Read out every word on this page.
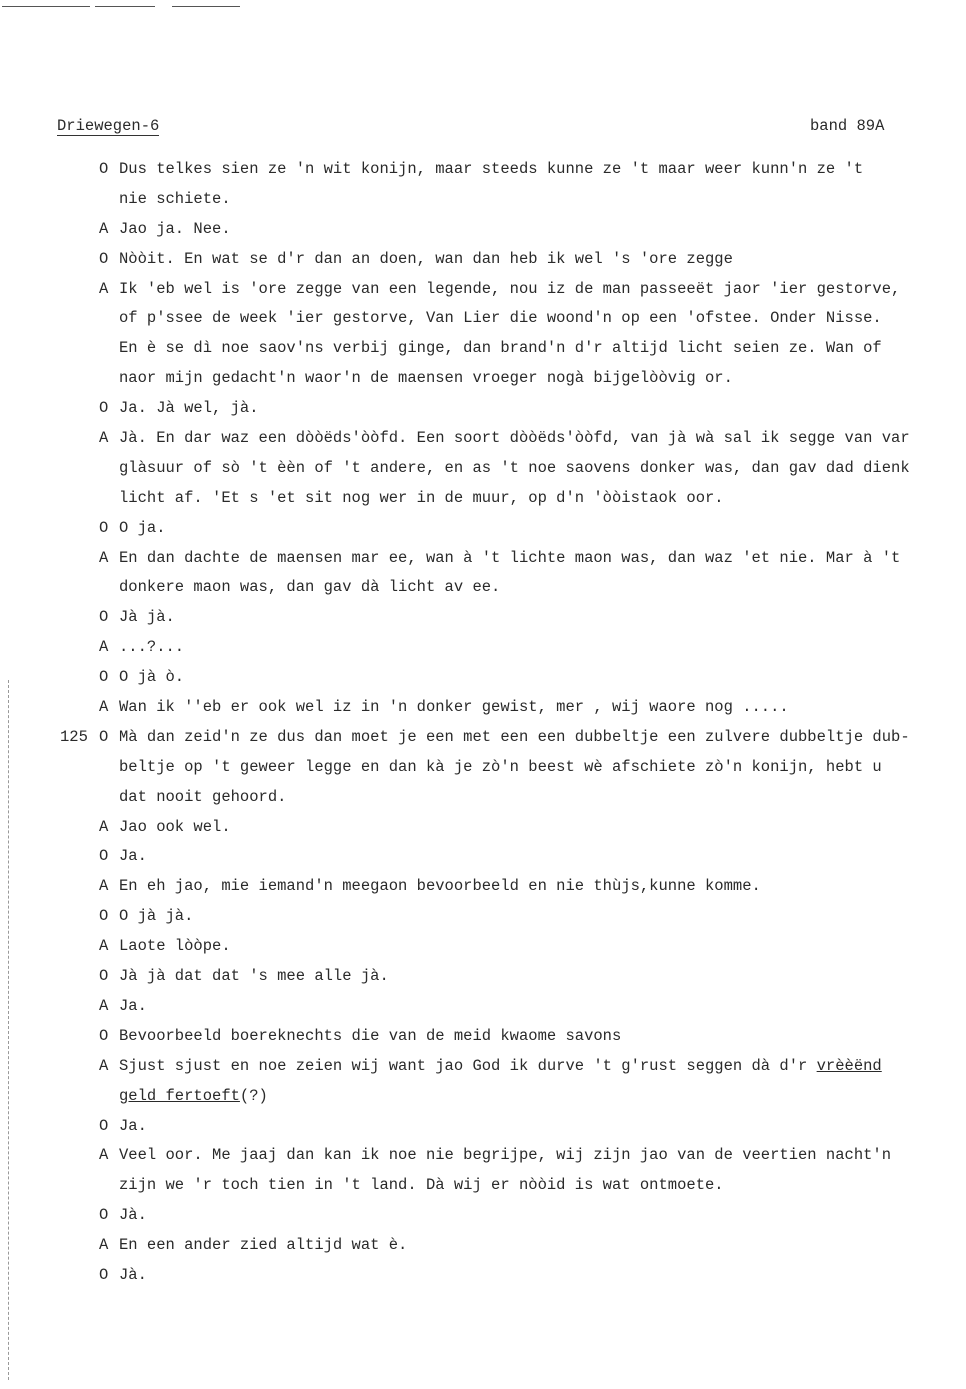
Driewegen-6	band 89A
O Dus telkes sien ze 'n wit konijn, maar steeds kunne ze 't maar weer kunn'n ze 't
nie schiete.
A Jao ja. Nee.
O Nòòit. En wat se d'r dan an doen, wan dan heb ik wel 's 'ore zegge
A Ik 'eb wel is 'ore zegge van een legende, nou iz de man passeeët jaor 'ier gestorve,
of p'ssee de week 'ier gestorve, Van Lier die woond'n op een 'ofstee. Onder Nisse.
En è se dì noe saov'ns verbij ginge, dan brand'n d'r altijd licht seien ze. Wan of
naor mijn gedacht'n waor'n de maensen vroeger nogà bijgelòòvig or.
O Ja. Jà wel, jà.
A Jà. En dar waz een dòòëds'òòfd. Een soort dòòëds'òòfd, van jà wà sal ik segge van var
glàsuur of sò 't èèn of 't andere, en as 't noe saovens donker was, dan gav dad dienk
licht af. 'Et s 'et sit nog wer in de muur, op d'n 'òòistaok oor.
O O ja.
A En dan dachte de maensen mar ee, wan à 't lichte maon was, dan waz 'et nie. Mar à 't
donkere maon was, dan gav dà licht av ee.
O Jà jà.
A ...?...
O O jà ò.
A Wan ik ''eb er ook wel iz in 'n donker gewist, mer , wij waore nog .....
125 O Mà dan zeid'n ze dus dan moet je een met een een dubbeltje een zulvere dubbeltje dub-
beltje op 't geweer legge en dan kà je zò'n beest wè afschiete zò'n konijn, hebt u
dat nooit gehoord.
A Jao ook wel.
O Ja.
A En eh jao, mie iemand'n meegaon bevoorbeeld en nie thùjs,kunne komme.
O O jà jà.
A Laote lòòpe.
O Jà jà dat dat 's mee alle jà.
A Ja.
O Bevoorbeeld boereknechts die van de meid kwaome savons
A Sjust sjust en noe zeien wij want jao God ik durve 't g'rust seggen dà d'r vrèèënd
geld fertoeft(?)
O Ja.
A Veel oor. Me jaaj dan kan ik noe nie begrijpe, wij zijn jao van de veertien nacht'n
zijn we 'r toch tien in 't land. Dà wij er nòòid is wat ontmoete.
O Jà.
A En een ander zied altijd wat è.
O Jà.
